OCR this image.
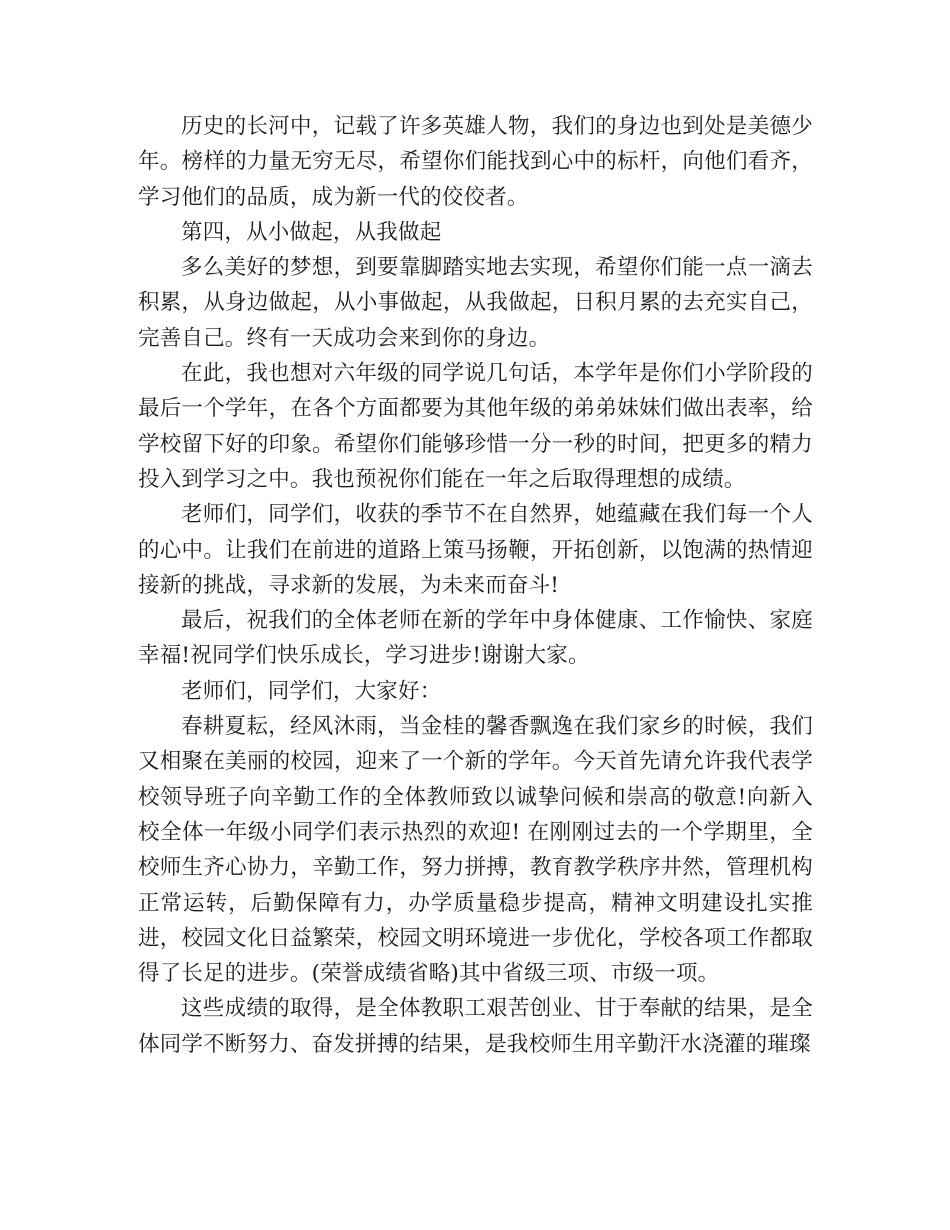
历史的长河中，记载了许多英雄人物，我们的身边也到处是美德少年。榜样的力量无穷无尽，希望你们能找到心中的标杆，向他们看齐，学习他们的品质，成为新一代的佼佼者。

第四，从小做起，从我做起

多么美好的梦想，到要靠脚踏实地去实现，希望你们能一点一滴去积累，从身边做起，从小事做起，从我做起，日积月累的去充实自己，完善自己。终有一天成功会来到你的身边。

在此，我也想对六年级的同学说几句话，本学年是你们小学阶段的最后一个学年，在各个方面都要为其他年级的弟弟妹妹们做出表率，给学校留下好的印象。希望你们能够珍惜一分一秒的时间，把更多的精力投入到学习之中。我也预祝你们能在一年之后取得理想的成绩。

老师们，同学们，收获的季节不在自然界，她蕴藏在我们每一个人的心中。让我们在前进的道路上策马扬鞭，开拓创新，以饱满的热情迎接新的挑战，寻求新的发展，为未来而奋斗!

最后，祝我们的全体老师在新的学年中身体健康、工作愉快、家庭幸福!祝同学们快乐成长，学习进步!谢谢大家。

老师们，同学们，大家好：

春耕夏耘，经风沐雨，当金桂的馨香飘逸在我们家乡的时候，我们又相聚在美丽的校园，迎来了一个新的学年。今天首先请允许我代表学校领导班子向辛勤工作的全体教师致以诚挚问候和崇高的敬意!向新入校全体一年级小同学们表示热烈的欢迎! 在刚刚过去的一个学期里，全校师生齐心协力，辛勤工作，努力拼搏，教育教学秩序井然，管理机构正常运转，后勤保障有力，办学质量稳步提高，精神文明建设扎实推进，校园文化日益繁荣，校园文明环境进一步优化，学校各项工作都取得了长足的进步。(荣誉成绩省略)其中省级三项、市级一项。

这些成绩的取得，是全体教职工艰苦创业、甘于奉献的结果，是全体同学不断努力、奋发拼搏的结果，是我校师生用辛勤汗水浇灌的璀璨
